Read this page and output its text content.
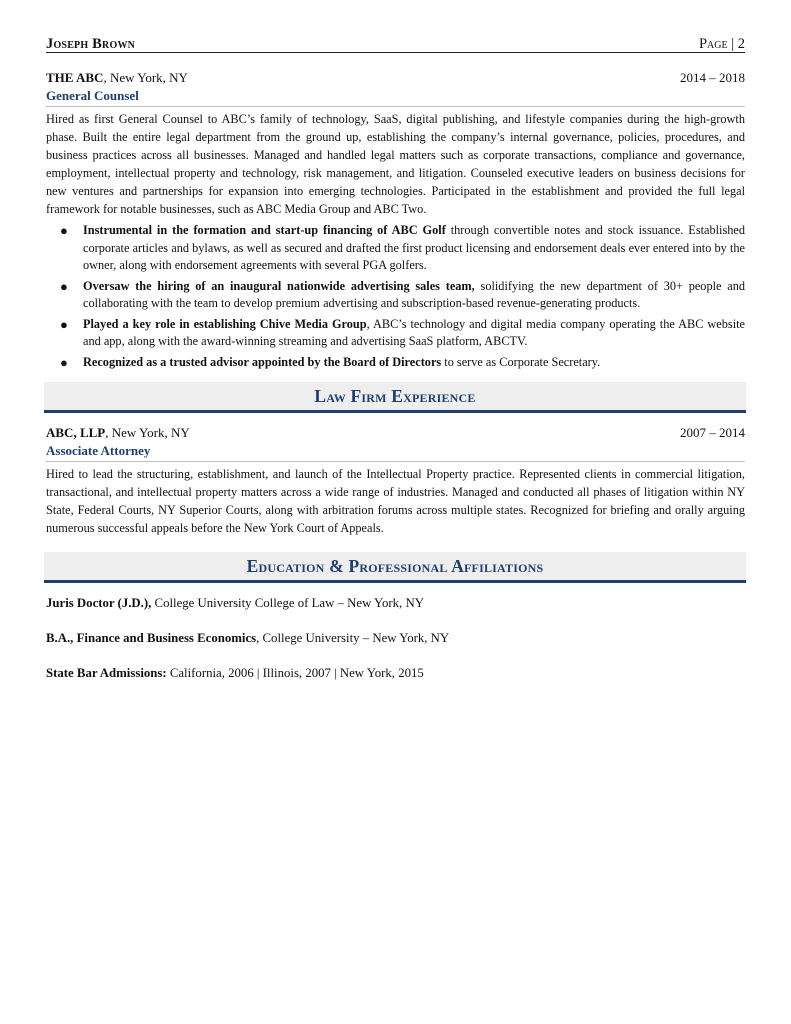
Joseph Brown	Page | 2
THE ABC, New York, NY	2014 – 2018
General Counsel
Hired as first General Counsel to ABC’s family of technology, SaaS, digital publishing, and lifestyle companies during the high-growth phase. Built the entire legal department from the ground up, establishing the company’s internal governance, policies, procedures, and business practices across all businesses. Managed and handled legal matters such as corporate transactions, compliance and governance, employment, intellectual property and technology, risk management, and litigation. Counseled executive leaders on business decisions for new ventures and partnerships for expansion into emerging technologies. Participated in the establishment and provided the full legal framework for notable businesses, such as ABC Media Group and ABC Two.
● Instrumental in the formation and start-up financing of ABC Golf through convertible notes and stock issuance. Established corporate articles and bylaws, as well as secured and drafted the first product licensing and endorsement deals ever entered into by the owner, along with endorsement agreements with several PGA golfers.
● Oversaw the hiring of an inaugural nationwide advertising sales team, solidifying the new department of 30+ people and collaborating with the team to develop premium advertising and subscription-based revenue-generating products.
● Played a key role in establishing Chive Media Group, ABC’s technology and digital media company operating the ABC website and app, along with the award-winning streaming and advertising SaaS platform, ABCTV.
● Recognized as a trusted advisor appointed by the Board of Directors to serve as Corporate Secretary.
Law Firm Experience
ABC, LLP, New York, NY	2007 – 2014
Associate Attorney
Hired to lead the structuring, establishment, and launch of the Intellectual Property practice. Represented clients in commercial litigation, transactional, and intellectual property matters across a wide range of industries. Managed and conducted all phases of litigation within NY State, Federal Courts, NY Superior Courts, along with arbitration forums across multiple states. Recognized for briefing and orally arguing numerous successful appeals before the New York Court of Appeals.
Education & Professional Affiliations
Juris Doctor (J.D.), College University College of Law – New York, NY
B.A., Finance and Business Economics, College University – New York, NY
State Bar Admissions: California, 2006 | Illinois, 2007 | New York, 2015
